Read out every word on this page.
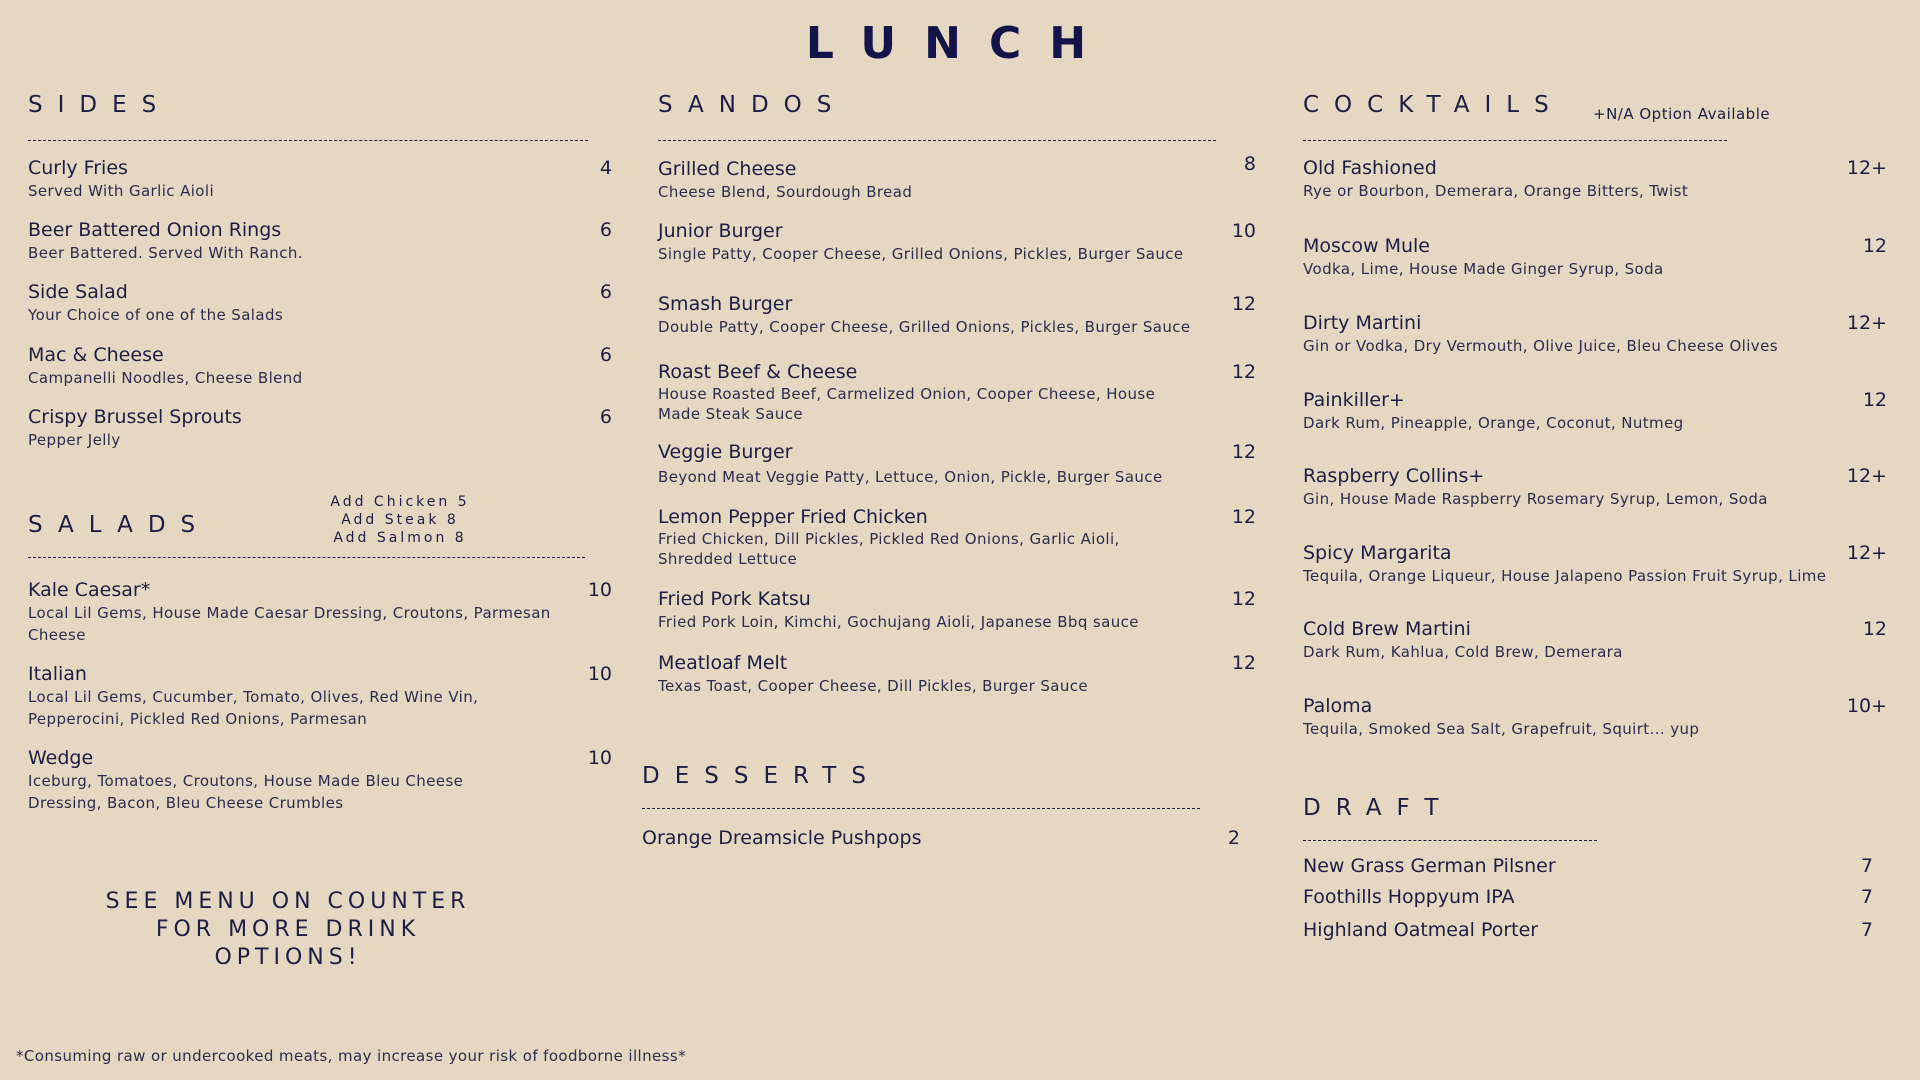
LUNCH
SIDES
Curly Fries
Served With Garlic Aioli
4
Beer Battered Onion Rings
Beer Battered. Served With Ranch.
6
Side Salad
Your Choice of one of the Salads
6
Mac & Cheese
Campanelli Noodles, Cheese Blend
6
Crispy Brussel Sprouts
Pepper Jelly
6
SALADS
Add Chicken 5
Add Steak 8
Add Salmon 8
Kale Caesar*
Local Lil Gems, House Made Caesar Dressing, Croutons, Parmesan Cheese
10
Italian
Local Lil Gems, Cucumber, Tomato, Olives, Red Wine Vin, Pepperocini, Pickled Red Onions, Parmesan
10
Wedge
Iceburg, Tomatoes, Croutons, House Made Bleu Cheese Dressing, Bacon, Bleu Cheese Crumbles
10
SEE MENU ON COUNTER FOR MORE DRINK OPTIONS!
SANDOS
Grilled Cheese
Cheese Blend, Sourdough Bread
8
Junior Burger
Single Patty, Cooper Cheese, Grilled Onions, Pickles, Burger Sauce
10
Smash Burger
Double Patty, Cooper Cheese, Grilled Onions, Pickles, Burger Sauce
12
Roast Beef & Cheese
House Roasted Beef, Carmelized Onion, Cooper Cheese, House Made Steak Sauce
12
Veggie Burger
Beyond Meat Veggie Patty, Lettuce, Onion, Pickle, Burger Sauce
12
Lemon Pepper Fried Chicken
Fried Chicken, Dill Pickles, Pickled Red Onions, Garlic Aioli, Shredded Lettuce
12
Fried Pork Katsu
Fried Pork Loin, Kimchi, Gochujang Aioli, Japanese Bbq sauce
12
Meatloaf Melt
Texas Toast, Cooper Cheese, Dill Pickles, Burger Sauce
12
DESSERTS
Orange Dreamsicle Pushpops	2
COCKTAILS +N/A Option Available
Old Fashioned
Rye or Bourbon, Demerara, Orange Bitters, Twist
12+
Moscow Mule
Vodka, Lime, House Made Ginger Syrup, Soda
12
Dirty Martini
Gin or Vodka, Dry Vermouth, Olive Juice, Bleu Cheese Olives
12+
Painkiller+
Dark Rum, Pineapple, Orange, Coconut, Nutmeg
12
Raspberry Collins+
Gin, House Made Raspberry Rosemary Syrup, Lemon, Soda
12+
Spicy Margarita
Tequila, Orange Liqueur, House Jalapeno Passion Fruit Syrup, Lime
12+
Cold Brew Martini
Dark Rum, Kahlua, Cold Brew, Demerara
12
Paloma
Tequila, Smoked Sea Salt, Grapefruit, Squirt... yup
10+
DRAFT
New Grass German Pilsner	7
Foothills Hoppyum IPA	7
Highland Oatmeal Porter	7
*Consuming raw or undercooked meats, may increase your risk of foodborne illness*
